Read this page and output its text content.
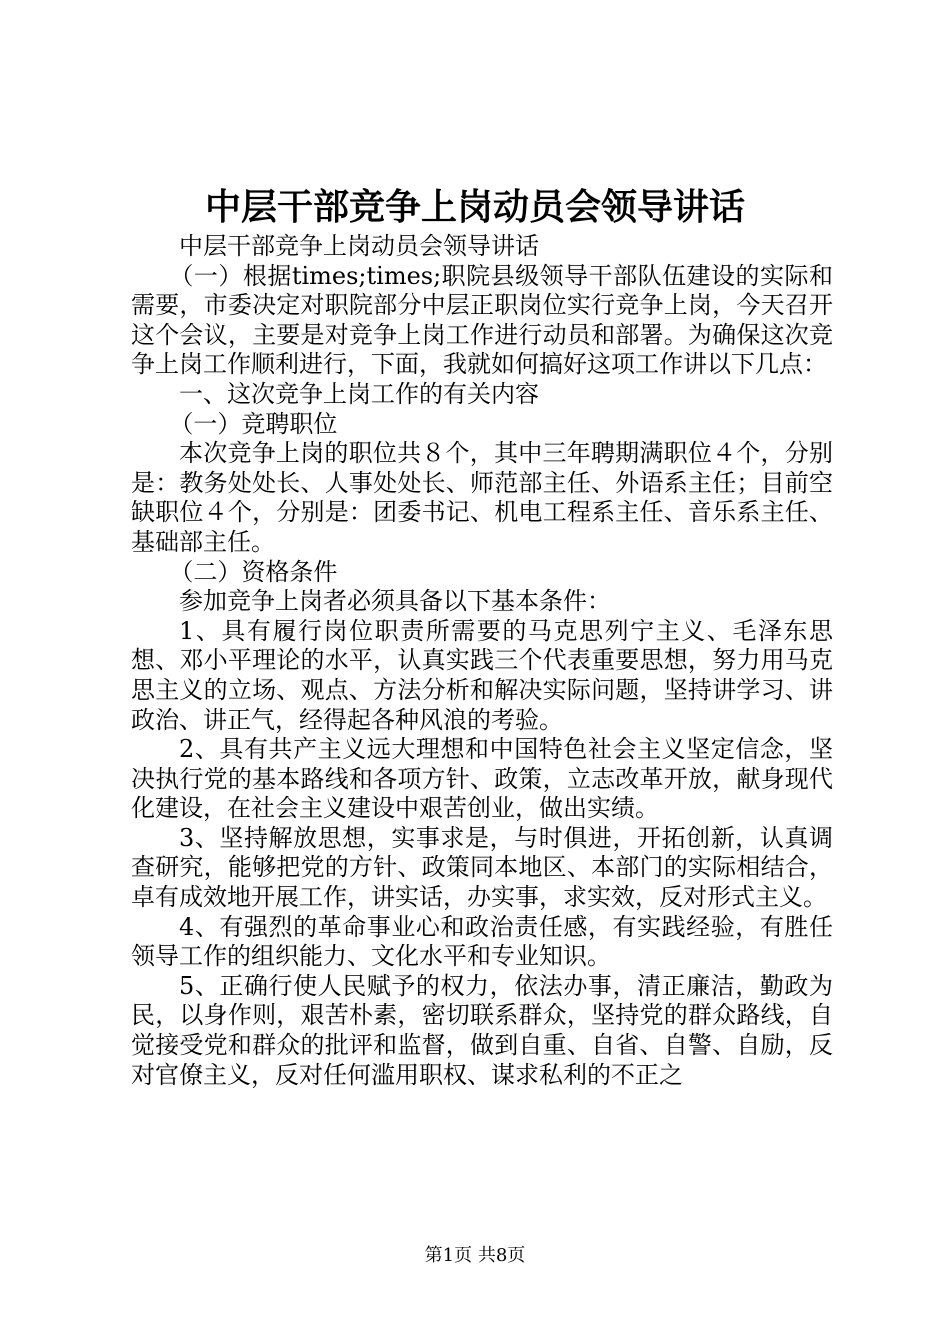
中层干部竞争上岗动员会领导讲话

中层干部竞争上岗动员会领导讲话

（一）根据times;times;职院县级领导干部队伍建设的实际和需要，市委决定对职院部分中层正职岗位实行竞争上岗，今天召开这个会议，主要是对竞争上岗工作进行动员和部署。为确保这次竞争上岗工作顺利进行，下面，我就如何搞好这项工作讲以下几点：

一、这次竞争上岗工作的有关内容

（一）竞聘职位

本次竞争上岗的职位共８个，其中三年聘期满职位４个，分别是：教务处处长、人事处处长、师范部主任、外语系主任；目前空缺职位４个，分别是：团委书记、机电工程系主任、音乐系主任、基础部主任。

（二）资格条件

参加竞争上岗者必须具备以下基本条件：

1、具有履行岗位职责所需要的马克思列宁主义、毛泽东思想、邓小平理论的水平，认真实践三个代表重要思想，努力用马克思主义的立场、观点、方法分析和解决实际问题，坚持讲学习、讲政治、讲正气，经得起各种风浪的考验。

2、具有共产主义远大理想和中国特色社会主义坚定信念，坚决执行党的基本路线和各项方针、政策，立志改革开放，献身现代化建设，在社会主义建设中艰苦创业，做出实绩。

3、坚持解放思想，实事求是，与时俱进，开拓创新，认真调查研究，能够把党的方针、政策同本地区、本部门的实际相结合，卓有成效地开展工作，讲实话，办实事，求实效，反对形式主义。

4、有强烈的革命事业心和政治责任感，有实践经验，有胜任领导工作的组织能力、文化水平和专业知识。

5、正确行使人民赋予的权力，依法办事，清正廉洁，勤政为民，以身作则，艰苦朴素，密切联系群众，坚持党的群众路线，自觉接受党和群众的批评和监督，做到自重、自省、自警、自励，反对官僚主义，反对任何滥用职权、谋求私利的不正之

第1页 共8页
